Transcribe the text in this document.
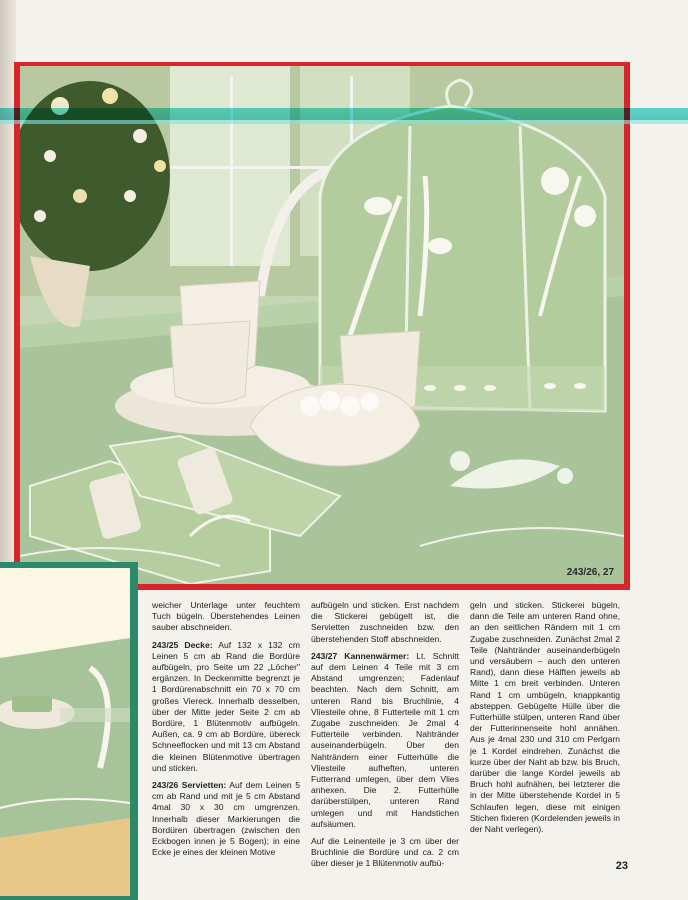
243/26, 27

weicher Unterlage unter feuchtem Tuch bügeln. Überstehendes Leinen sauber abschneiden.

243/25 Decke: Auf 132 x 132 cm Leinen 5 cm ab Rand die Bordüre aufbügeln, pro Seite um 22 „Löcher" ergänzen. In Deckenmitte begrenzt je 1 Bordürenabschnitt ein 70 x 70 cm großes Viereck. Innerhalb desselben, über der Mitte jeder Seite 2 cm ab Bordüre, 1 Blütenmotiv aufbügeln. Außen, ca. 9 cm ab Bordüre, übereck Schneeflocken und mit 13 cm Abstand die kleinen Blütenmotive übertragen und sticken.

243/26 Servietten: Auf dem Leinen 5 cm ab Rand und mit je 5 cm Abstand 4mal 30 x 30 cm umgrenzen. Innerhalb dieser Markierungen die Bordüren übertragen (zwischen den Eckbogen innen je 5 Bogen); in eine Ecke je eines der kleinen Motive

aufbügeln und sticken. Erst nachdem die Stickerei gebügelt ist, die Servietten zuschneiden bzw. den überstehenden Stoff abschneiden.

243/27 Kannenwärmer: Lt. Schnitt auf dem Leinen 4 Teile mit 3 cm Abstand umgrenzen; Fadenlauf beachten. Nach dem Schnitt, am unteren Rand bis Bruchlinie, 4 Vliesteile ohne, 8 Futterteile mit 1 cm Zugabe zuschneiden. Je 2mal 4 Futterteile verbinden. Nahtränder auseinanderbügeln. Über den Nahträndern einer Futterhülle die Vliesteile aufheften, unteren Futterrand umlegen, über dem Vlies anhexen. Die 2. Futterhülle darüberstülpen, unteren Rand umlegen und mit Handstichen aufsäumen.

Auf die Leinenteile je 3 cm über der Bruchlinie die Bordüre und ca. 2 cm über dieser je 1 Blütenmotiv aufbü-

geln und sticken. Stickerei bügeln, dann die Teile am unteren Rand ohne, an den seitlichen Rändern mit 1 cm Zugabe zuschneiden. Zunächst 2mal 2 Teile (Nahtränder auseinanderbügeln und versäubern – auch den unteren Rand), dann diese Hälften jeweils ab Mitte 1 cm breit verbinden. Unteren Rand 1 cm umbügeln, knappkantig absteppen. Gebügelte Hülle über die Futterhülle stülpen, unteren Rand über der Futterinnenseite hohl annähen. Aus je 4mal 230 und 310 cm Perlgarn je 1 Kordel eindrehen. Zunächst die kurze über der Naht ab bzw. bis Bruch, darüber die lange Kordel jeweils ab Bruch hohl aufnähen, bei letzterer die in der Mitte überstehende Kordel in 5 Schlaufen legen, diese mit einigen Stichen fixieren (Kordelenden jeweils in der Naht verlegen).

23
